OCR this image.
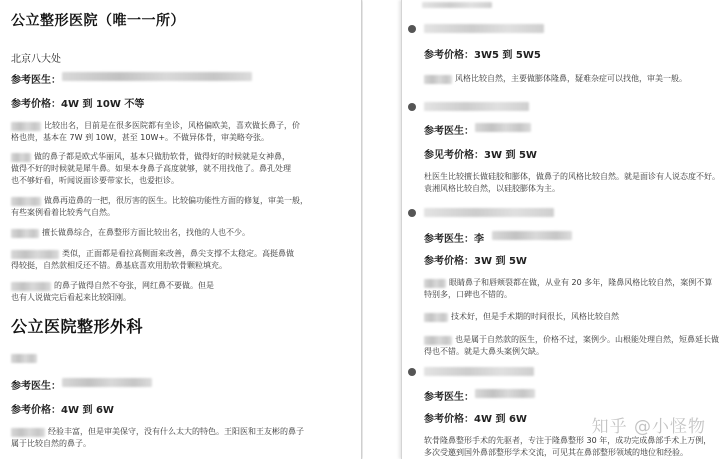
公立整形医院（唯一一所）
北京八大处
参考医生：
参考价格：4W 到 10W 不等
比较出名，目前是在很多医院都有坐诊，风格偏欧美，喜欢做长鼻子，价
格也贵，基本在 7W 到 10W，甚至 10W+。不做异体骨，审美略夸张。
做的鼻子都是欧式华丽风，基本只做肋软骨，做得好的时候就是女神鼻，
做得不好的时候就是犀牛鼻。如果本身鼻子高度就够，就不用找他了。鼻孔处理
也不够好看，听闻说面诊要带家长，也爱拒诊。
做鼻再造鼻的一把，很厉害的医生。比较偏功能性方面的修复，审美一般，
有些案例看着比较秀气自然。
擅长做鼻综合，在鼻整形方面比较出名，找他的人也不少。
类似，正面都是看拉高侧面来改善，鼻尖支撑不太稳定。高挺鼻做
得较挺，自然款相反还不错。鼻基底喜欢用肋软骨颗粒填充。
的鼻子做得自然不夸张，网红鼻不要做。但是
也有人说做完后看起来比较阳刚。
公立医院整形外科
参考医生：
参考价格：4W 到 6W
经验丰富，但是审美保守，没有什么太大的特色。王阳医和王友彬的鼻子
属于比较自然的鼻子。
参考价格：3W5 到 5W5
风格比较自然，主要做膨体隆鼻，疑难杂症可以找他，审美一般。
参考医生：
参见考价格：3W 到 5W
杜医生比较擅长做硅胶和膨体，做鼻子的风格比较自然。就是面诊有人说态度不好。
袁湘风格比较自然，以硅胶膨体为主。
参考医生：李
参考价格：3W 到 5W
眼睛鼻子和唇颊裂都在做，从业有 20 多年，隆鼻风格比较自然，案例不算
特别多，口碑也不错的。
技术好，但是手术期的时间很长，风格比较自然
也是属于自然款的医生，价格不过，案例少。山根能处理自然，短鼻延长做
得也不错。就是大鼻头案例欠缺。
参考医生：
参考价格：4W 到 6W
软骨隆鼻整形手术的先驱者，专注于隆鼻整形 30 年，成功完成鼻部手术上万例，
多次受邀到国外鼻部整形学术交流，可见其在鼻部整形领域的地位和经验。
知乎 @小怪物
